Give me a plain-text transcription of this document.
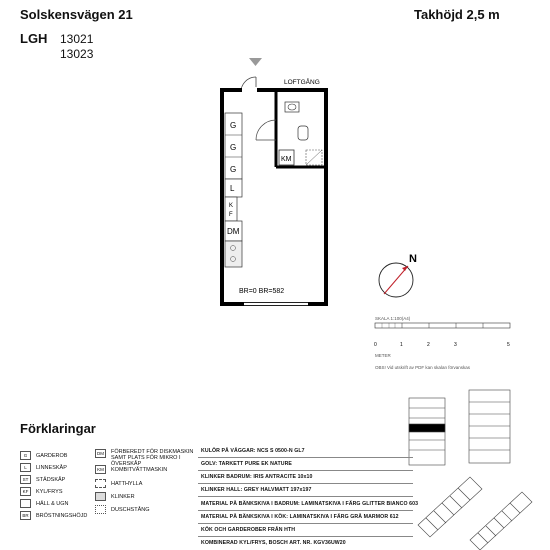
Solskensvägen 21	Takhöjd 2,5 m
LGH 13021
13023
KM
G
G
G
L
K
F
DM
BR=0 BR=582
LOFTGÅNG
N
SKALA 1:100(A4)
0	1	2	3	5
METER
OBS! Vid utskrift av PDF kan skalan förvanskas
Förklaringar
G	GARDEROB
L	LINNESKÅP
ST	STÄDSKÅP
KF	KYL/FRYS
HÄLL & UGN
BR	BRÖSTNINGSHÖJD
DM	FÖRBEREDT FÖR DISKMASKIN SAMT PLATS FÖR MIKRO I ÖVERSKÅP
KM	KOMBITVÄTTMASKIN
HATTHYLLA
KLINKER
DUSCHSTÅNG
KULÖR PÅ VÄGGAR: NCS S 0500-N GL7
GOLV: TARKETT PURE EK NATURE
KLINKER BADRUM: IRIS ANTRACITE 10x10
KLINKER HALL: GREY HALVMATT 197x197
MATERIAL PÅ BÄNKSKIVA I BADRUM: LAMINATSKIVA I FÄRG GLITTER BIANCO 603
MATERIAL PÅ BÄNKSKIVA I KÖK: LAMINATSKIVA I FÄRG GRÅ MARMOR 612
KÖK OCH GARDEROBER FRÅN HTH
KOMBINERAD KYL/FRYS, BOSCH ART. NR. KGV36UW20
